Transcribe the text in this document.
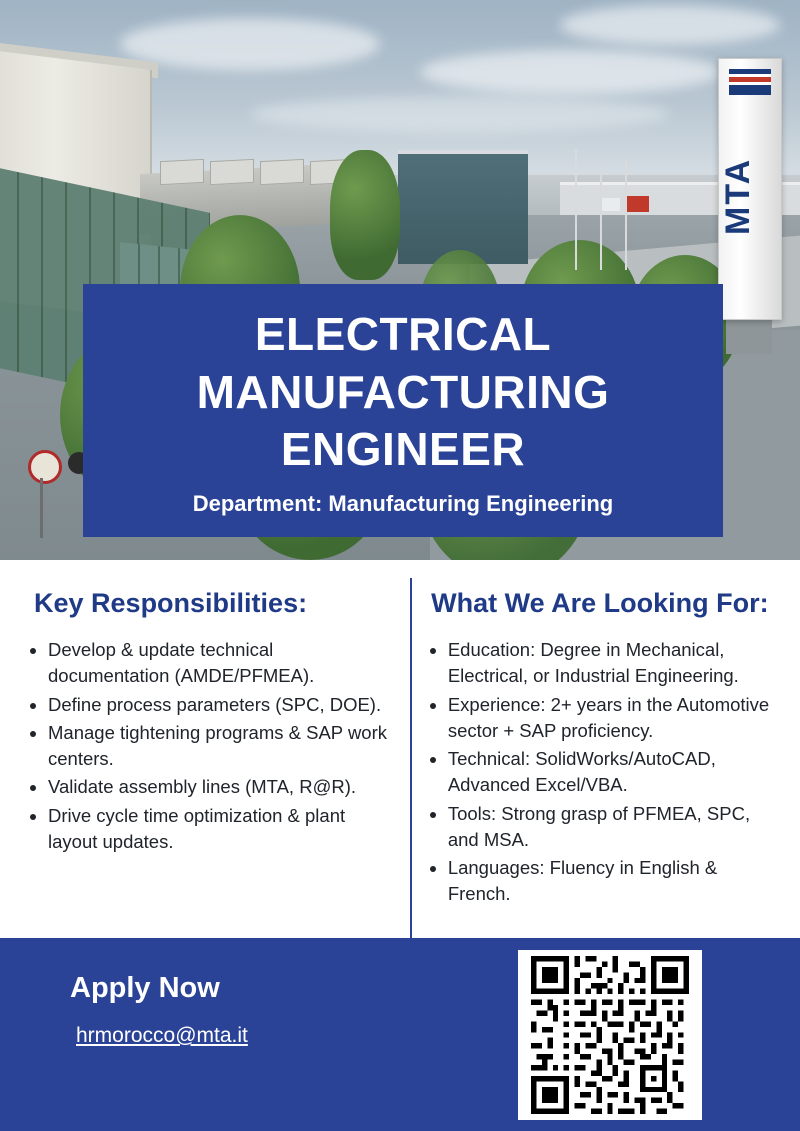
MTA
ELECTRICAL
MANUFACTURING
ENGINEER
Department: Manufacturing Engineering
Key Responsibilities:
• Develop & update technical documentation (AMDE/PFMEA).
• Define process parameters (SPC, DOE).
• Manage tightening programs & SAP work centers.
• Validate assembly lines (MTA, R@R).
• Drive cycle time optimization & plant layout updates.
What We Are Looking For:
• Education: Degree in Mechanical, Electrical, or Industrial Engineering.
• Experience: 2+ years in the Automotive sector + SAP proficiency.
• Technical: SolidWorks/AutoCAD, Advanced Excel/VBA.
• Tools: Strong grasp of PFMEA, SPC, and MSA.
• Languages: Fluency in English & French.
Apply Now
hrmorocco@mta.it
